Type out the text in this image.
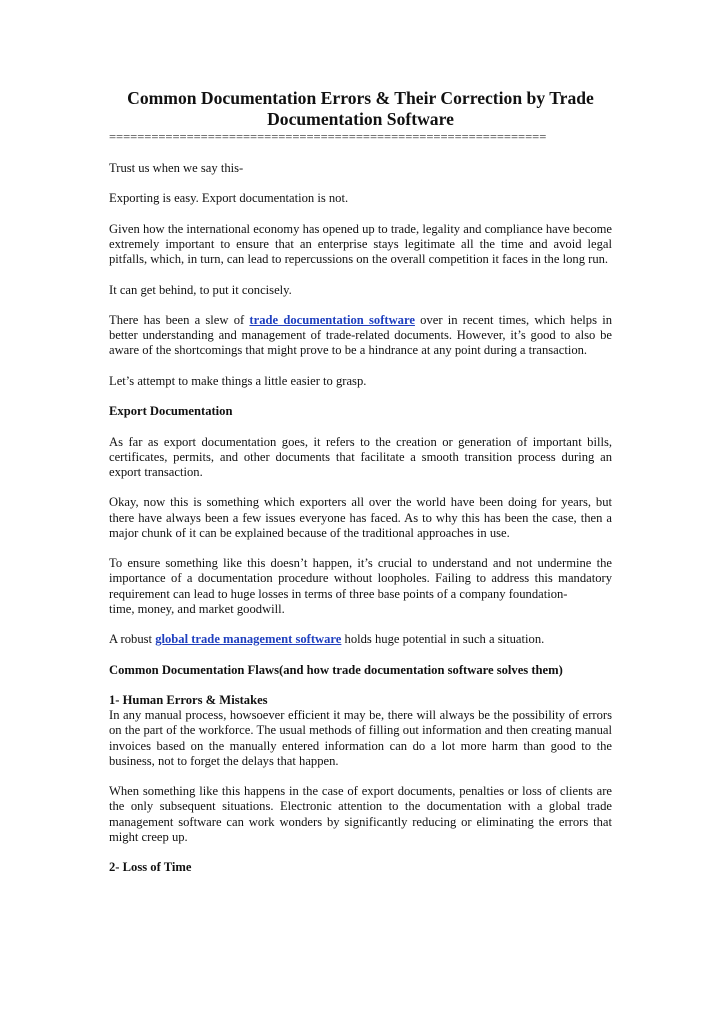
Common Documentation Errors & Their Correction by Trade Documentation Software
==============================================================

Trust us when we say this-

Exporting is easy. Export documentation is not.

Given how the international economy has opened up to trade, legality and compliance have become extremely important to ensure that an enterprise stays legitimate all the time and avoid legal pitfalls, which, in turn, can lead to repercussions on the overall competition it faces in the long run.

It can get behind, to put it concisely.

There has been a slew of trade documentation software over in recent times, which helps in better understanding and management of trade-related documents. However, it’s good to also be aware of the shortcomings that might prove to be a hindrance at any point during a transaction.

Let’s attempt to make things a little easier to grasp.

Export Documentation

As far as export documentation goes, it refers to the creation or generation of important bills, certificates, permits, and other documents that facilitate a smooth transition process during an export transaction.

Okay, now this is something which exporters all over the world have been doing for years, but there have always been a few issues everyone has faced. As to why this has been the case, then a major chunk of it can be explained because of the traditional approaches in use.

To ensure something like this doesn’t happen, it’s crucial to understand and not undermine the importance of a documentation procedure without loopholes. Failing to address this mandatory requirement can lead to huge losses in terms of three base points of a company foundation-
time, money, and market goodwill.

A robust global trade management software holds huge potential in such a situation.

Common Documentation Flaws(and how trade documentation software solves them)

1- Human Errors & Mistakes

In any manual process, howsoever efficient it may be, there will always be the possibility of errors on the part of the workforce. The usual methods of filling out information and then creating manual invoices based on the manually entered information can do a lot more harm than good to the business, not to forget the delays that happen.

When something like this happens in the case of export documents, penalties or loss of clients are the only subsequent situations. Electronic attention to the documentation with a global trade management software can work wonders by significantly reducing or eliminating the errors that might creep up.

2- Loss of Time
